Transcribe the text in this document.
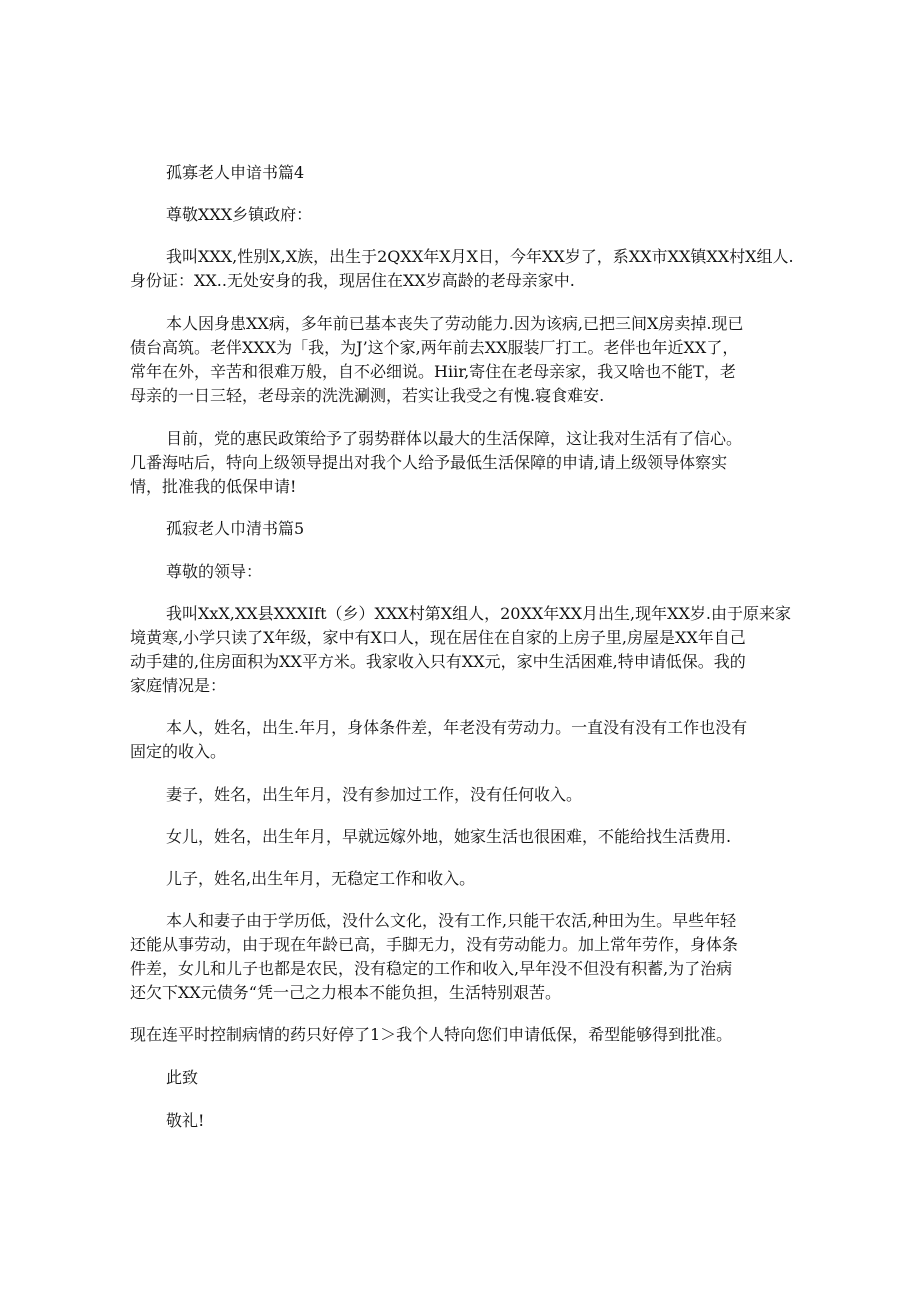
孤寡老人申谙书篇4
尊敬XXX乡镇政府：
我叫XXX,性别X,X族，出生于2QXX年X月X日，今年XX岁了，系XX市XX镇XX村X组人.
身份证：XX..无处安身的我，现居住在XX岁高龄的老母亲家中.
本人因身患XX病，多年前已基本丧失了劳动能力.因为该病,已把三间X房卖掉.现已
债台高筑。老伴XXX为「我，为J’这个家,两年前去XX服装厂打工。老伴也年近XX了，
常年在外，辛苦和很难万般，自不必细说。Hiir,寄住在老母亲家，我又啥也不能T，老
母亲的一日三轻，老母亲的洗洗涮测，若实让我受之有愧.寝食难安.
目前，党的惠民政策给予了弱势群体以最大的生活保障，这让我对生活有了信心。
几番海咕后，特向上级领导提出对我个人给予最低生活保障的申请,请上级领导体察实
情，批准我的低保申请!
孤寂老人巾清书篇5
尊敬的领导：
我叫XxX,XX县XXXIft（乡）XXX村第X组人，20XX年XX月出生,现年XX岁.由于原来家
境黄寒,小学只读了X年级，家中有X口人，现在居住在自家的上房子里,房屋是XX年自己
动手建的,住房面积为XX平方米。我家收入只有XX元，家中生活困难,特申请低保。我的
家庭情况是：
本人，姓名，出生.年月，身体条件差，年老没有劳动力。一直没有没有工作也没有
固定的收入。
妻子，姓名，出生年月，没有参加过工作，没有任何收入。
女儿，姓名，出生年月，早就远嫁外地，她家生活也很困难，不能给找生活费用.
儿子，姓名,出生年月，无稳定工作和收入。
本人和妻子由于学历低，没什么文化，没有工作,只能干农活,种田为生。早些年轻
还能从事劳动，由于现在年龄已高，手脚无力，没有劳动能力。加上常年劳作，身体条
件差，女儿和儿子也都是农民，没有稳定的工作和收入,早年没不但没有积蓄,为了治病
还欠下XX元债务“凭一己之力根本不能负担，生活特别艰苦。
现在连平时控制病情的药只好停了1＞我个人特向您们申请低保，希型能够得到批准。
此致
敬礼!
